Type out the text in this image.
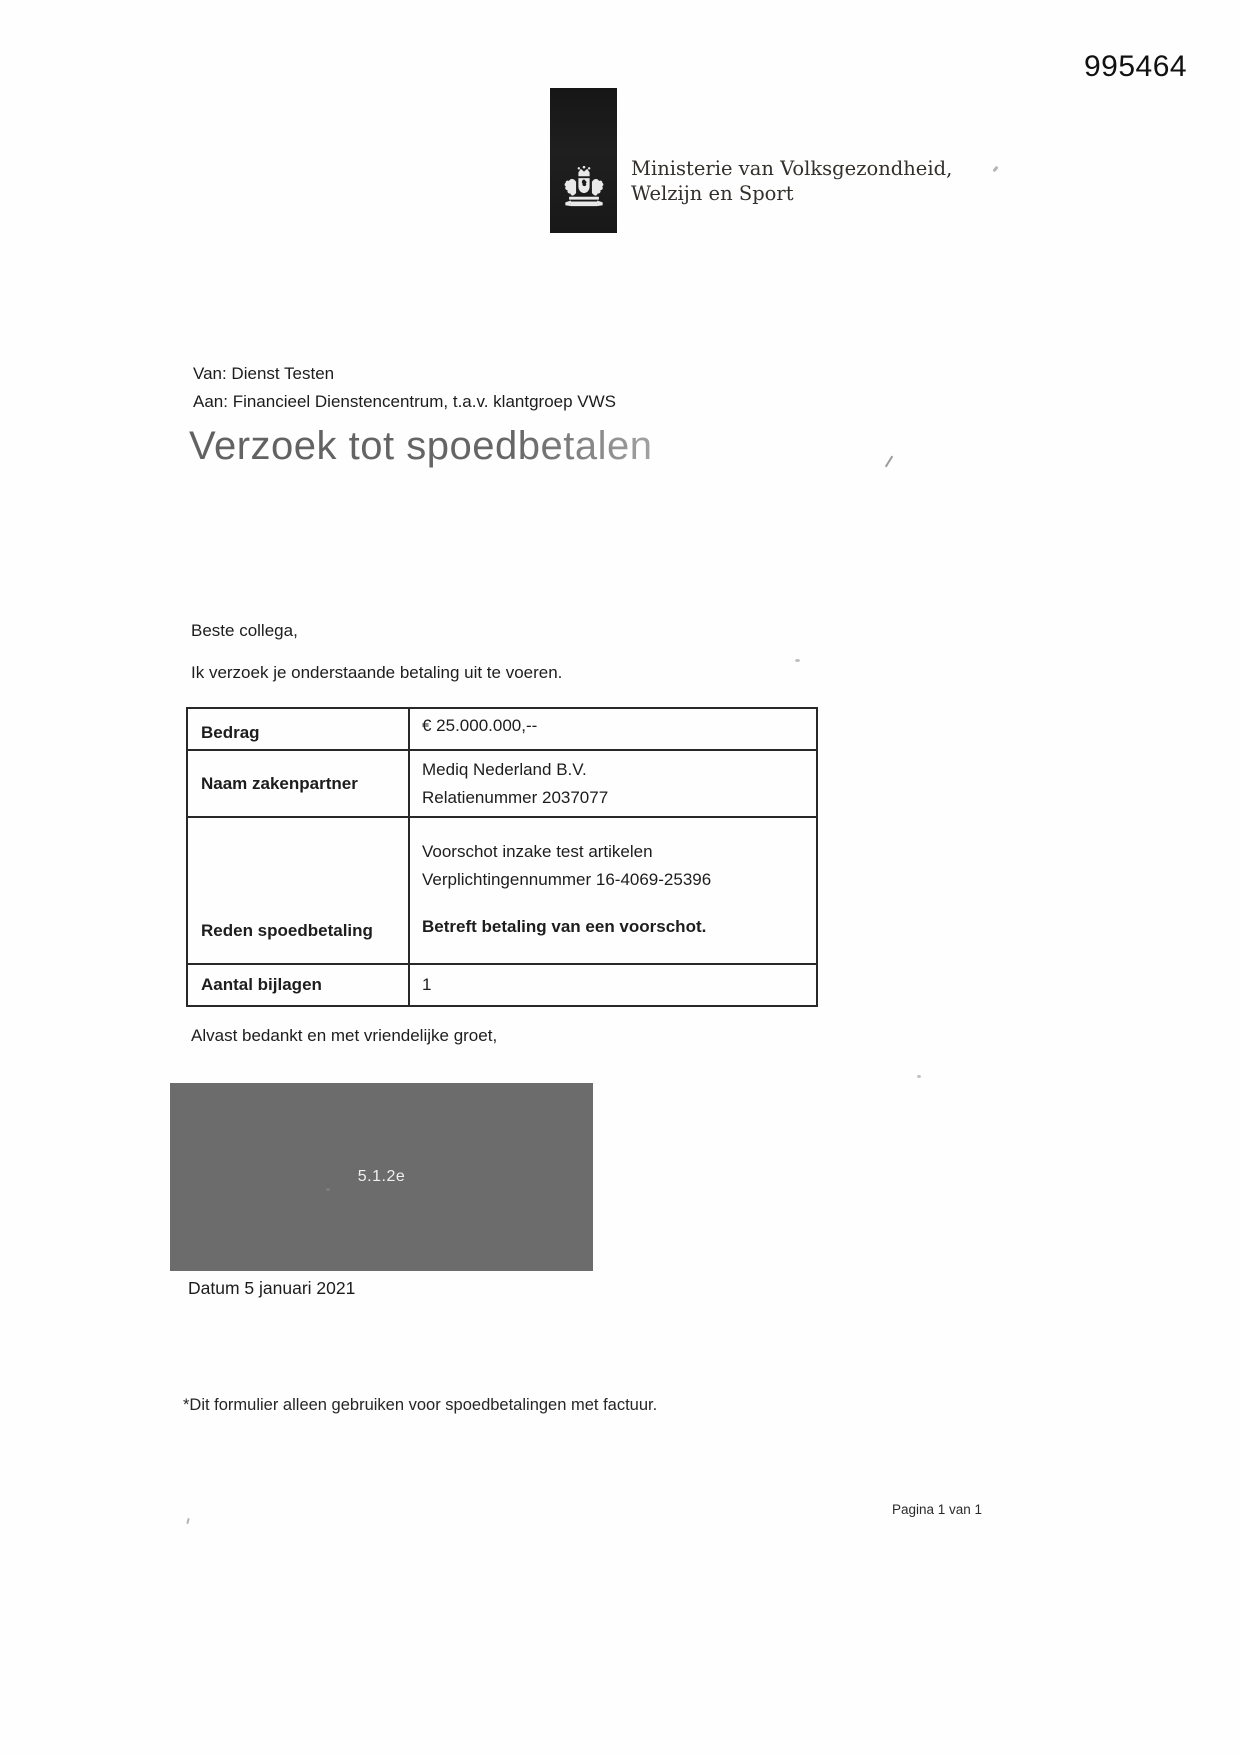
995464
Ministerie van Volksgezondheid,
Welzijn en Sport
Van: Dienst Testen
Aan: Financieel Dienstencentrum, t.a.v. klantgroep VWS
Verzoek tot spoedbetalen
Beste collega,
Ik verzoek je onderstaande betaling uit te voeren.
Bedrag	€ 25.000.000,--
Naam zakenpartner
Mediq Nederland B.V.
Relatienummer 2037077
Reden spoedbetaling
Voorschot inzake test artikelen
Verplichtingennummer 16-4069-25396
Betreft betaling van een voorschot.
Aantal bijlagen	1
Alvast bedankt en met vriendelijke groet,
5.1.2e
Datum 5 januari 2021
*Dit formulier alleen gebruiken voor spoedbetalingen met factuur.
Pagina 1 van 1
